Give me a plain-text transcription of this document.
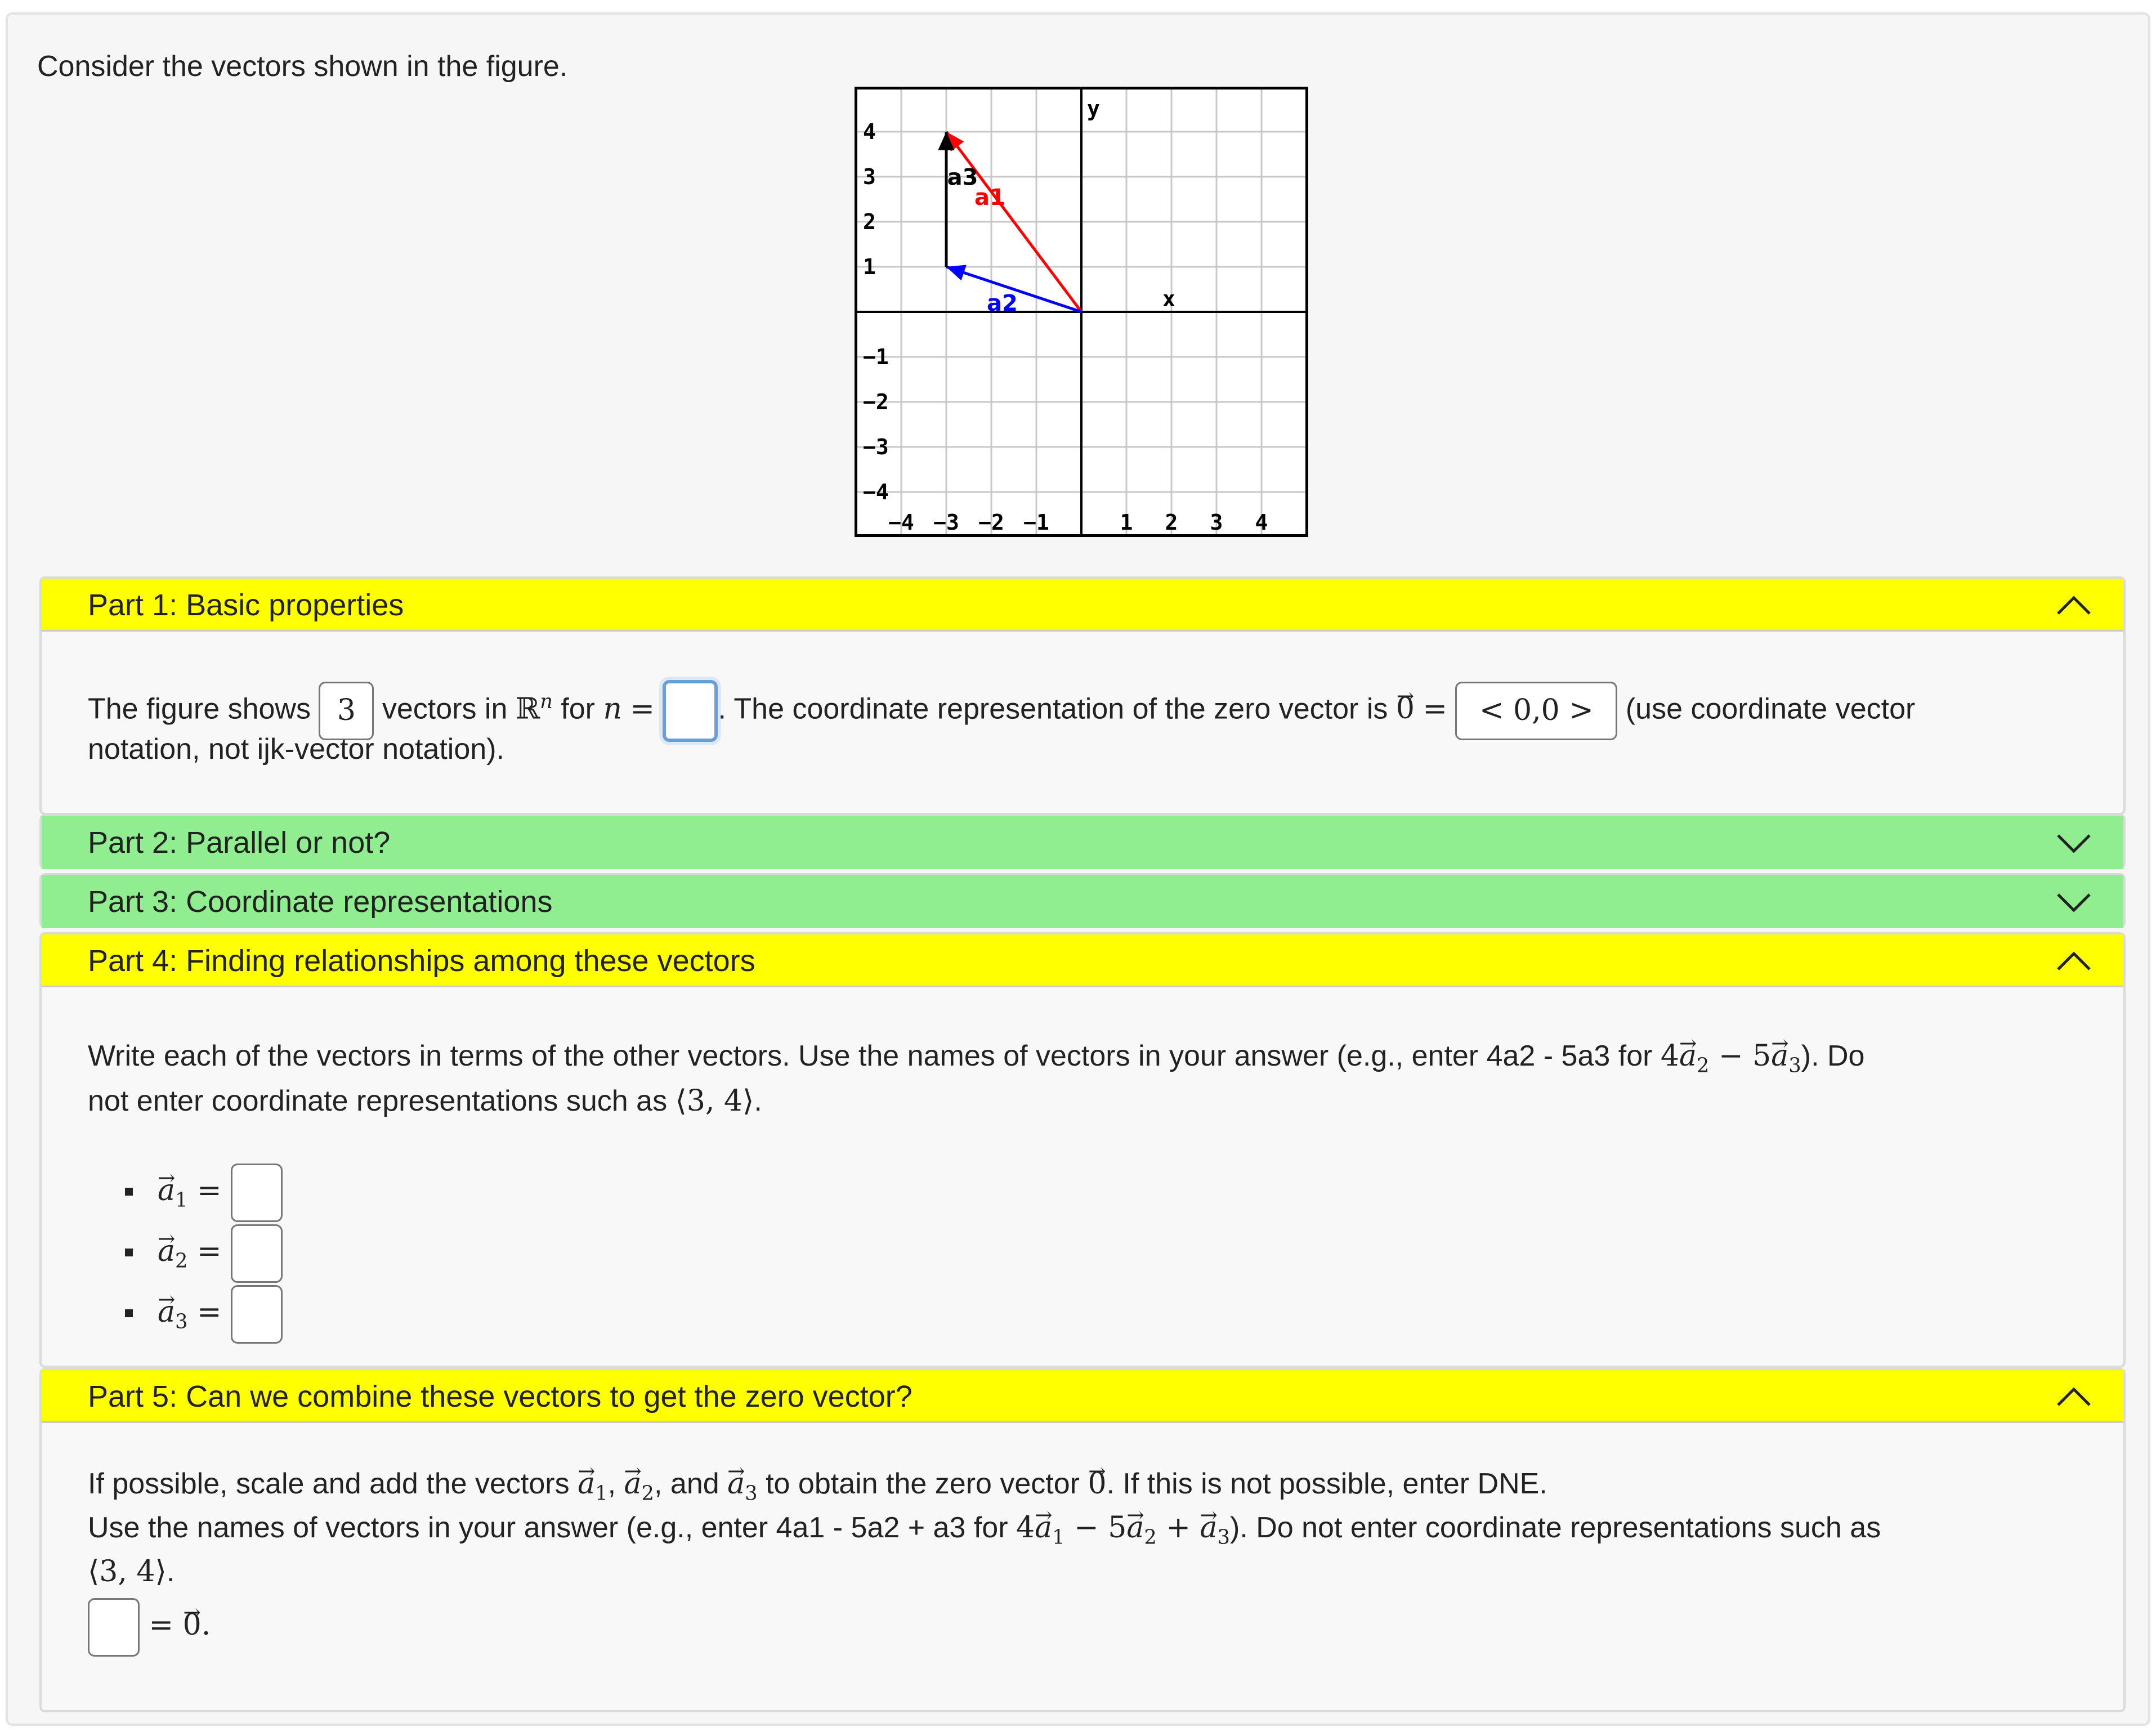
Consider the vectors shown in the figure.
x
y
−4 −3 −2 −1	1 2 3 4
4
3
2
1
−1
−2
−3
−4
a1
a2
a3
Part 1: Basic properties
The figure shows 3 vectors in ℝ$^n$ for n = . The coordinate representation of the zero vector is → 0 = < 0,0 > (use coordinate vector
notation, not ijk-vector notation).
Part 2: Parallel or not?
Part 3: Coordinate representations
Part 4: Finding relationships among these vectors
Write each of the vectors in terms of the other vectors. Use the names of vectors in your answer (e.g., enter 4a2 - 5a3 for $4\to a_2 - 5\to a_3$). Do
not enter coordinate representations such as ⟨3, 4⟩.
→ $a_1$ =
→ $a_2$ =
→ $a_3$ =
Part 5: Can we combine these vectors to get the zero vector?
If possible, scale and add the vectors → $a_1$, → $a_2$, and → $a_3$ to obtain the zero vector → 0. If this is not possible, enter DNE.
Use the names of vectors in your answer (e.g., enter 4a1 - 5a2 + a3 for $4\to a_1 - 5\to a_2$ + → $a_3$). Do not enter coordinate representations such as
⟨3, 4⟩.
= → 0.
